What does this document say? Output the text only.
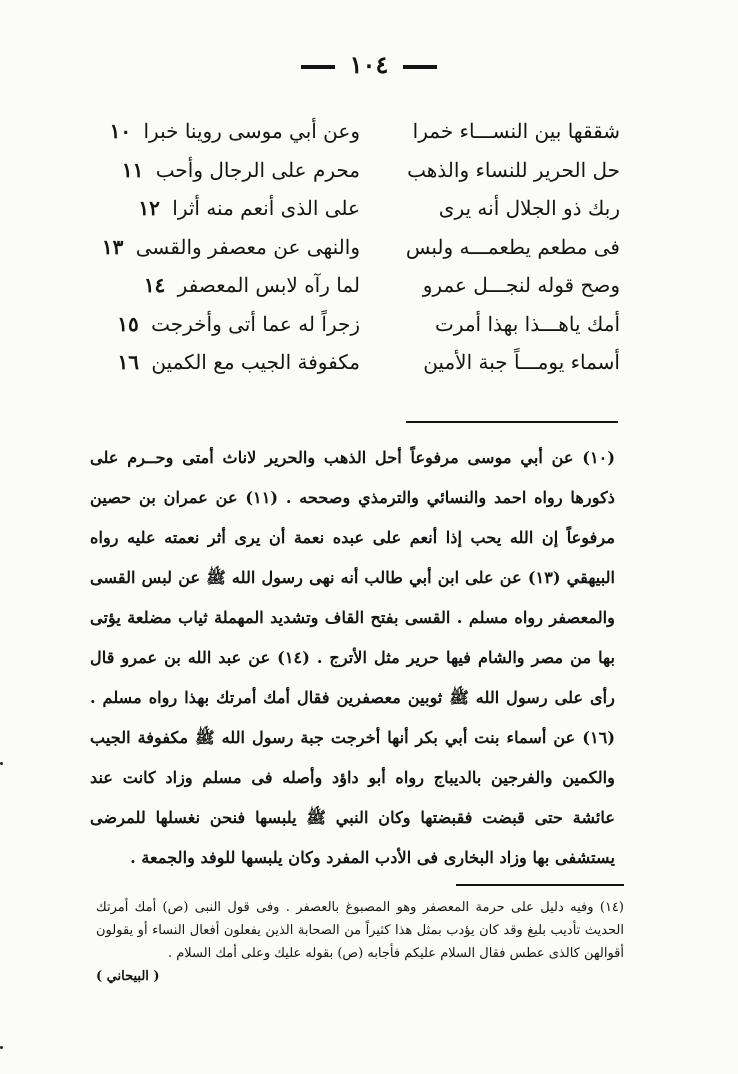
١٠٤
شققها بين النســـاء خمرا
وعن أبي موسى روينا خبرا ١٠
حل الحرير للنساء والذهب
محرم على الرجال وأحب ١١
ربك ذو الجلال أنه يرى
على الذى أنعم منه أثرا ١٢
فى مطعم يطعمـــه ولبس
والنهى عن معصفر والقسى ١٣
وصح قوله لنجـــل عمرو
لما رآه لابس المعصفر ١٤
أمك ياهـــذا بهذا أمرت
زجراً له عما أتى وأخرجت ١٥
أسماء يومـــاً جبة الأمين
مكفوفة الجيب مع الكمين ١٦

(١٠) عن أبي موسى مرفوعاً أحل الذهب والحرير لاناث أمتى وحــرم على ذكورها رواه احمد والنسائي والترمذي وصححه . (١١) عن عمران بن حصين مرفوعاً إن الله يحب إذا أنعم على عبده نعمة أن يرى أثر نعمته عليه رواه البيهقي (١٣) عن على ابن أبي طالب أنه نهى رسول الله ﷺ عن لبس القسى والمعصفر رواه مسلم . القسى بفتح القاف وتشديد المهملة ثياب مضلعة يؤتى بها من مصر والشام فيها حرير مثل الأترج . (١٤) عن عبد الله بن عمرو قال رأى على رسول الله ﷺ ثوبين معصفرين فقال أمك أمرتك بهذا رواه مسلم . (١٦) عن أسماء بنت أبي بكر أنها أخرجت جبة رسول الله ﷺ مكفوفة الجيب والكمين والفرجين بالديباج رواه أبو داؤد وأصله فى مسلم وزاد كانت عند عائشة حتى قبضت فقبضتها وكان النبي ﷺ يلبسها فنحن نغسلها للمرضى يستشفى بها وزاد البخارى فى الأدب المفرد وكان يلبسها للوفد والجمعة .

(١٤) وفيه دليل على حرمة المعصفر وهو المصبوغ بالعصفر . وفى قول النبى (ص) أمك أمرتك الحديث تأديب بليغ وقد كان يؤدب بمثل هذا كثيراً من الصحابة الذين يفعلون أفعال النساء أو يقولون أقوالهن كالذى عطس فقال السلام عليكم فأجابه (ص) بقوله عليك وعلى أمك السلام .

( البيحاني )
